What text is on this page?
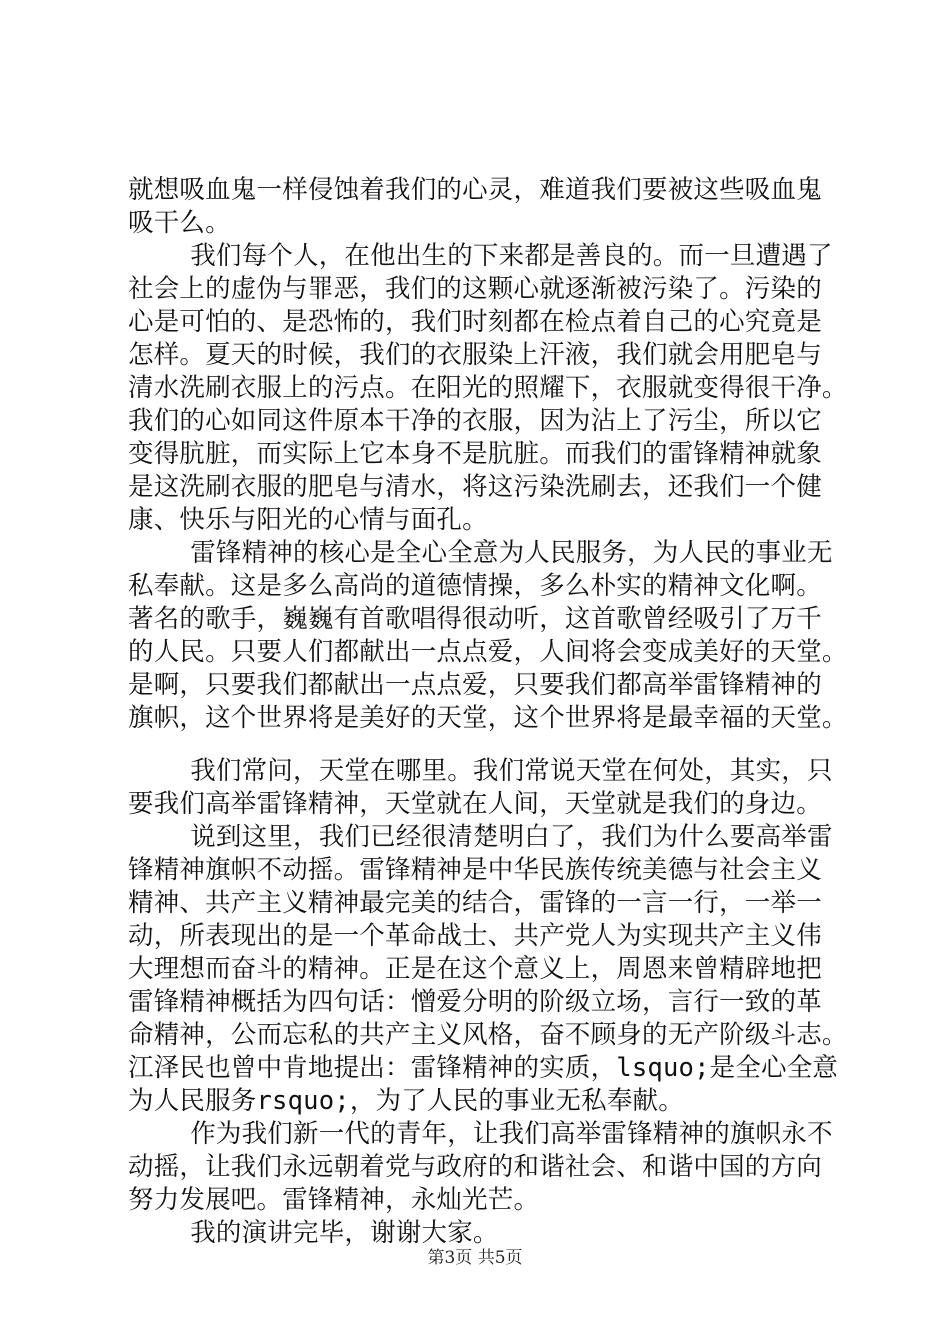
就想吸血鬼一样侵蚀着我们的心灵，难道我们要被这些吸血鬼
吸干么。
我们每个人，在他出生的下来都是善良的。而一旦遭遇了
社会上的虚伪与罪恶，我们的这颗心就逐渐被污染了。污染的
心是可怕的、是恐怖的，我们时刻都在检点着自己的心究竟是
怎样。夏天的时候，我们的衣服染上汗液，我们就会用肥皂与
清水洗刷衣服上的污点。在阳光的照耀下，衣服就变得很干净。
我们的心如同这件原本干净的衣服，因为沾上了污尘，所以它
变得肮脏，而实际上它本身不是肮脏。而我们的雷锋精神就象
是这洗刷衣服的肥皂与清水，将这污染洗刷去，还我们一个健
康、快乐与阳光的心情与面孔。
雷锋精神的核心是全心全意为人民服务，为人民的事业无
私奉献。这是多么高尚的道德情操，多么朴实的精神文化啊。
著名的歌手，巍巍有首歌唱得很动听，这首歌曾经吸引了万千
的人民。只要人们都献出一点点爱，人间将会变成美好的天堂。
是啊，只要我们都献出一点点爱，只要我们都高举雷锋精神的
旗帜，这个世界将是美好的天堂，这个世界将是最幸福的天堂。
我们常问，天堂在哪里。我们常说天堂在何处，其实，只
要我们高举雷锋精神，天堂就在人间，天堂就是我们的身边。
说到这里，我们已经很清楚明白了，我们为什么要高举雷
锋精神旗帜不动摇。雷锋精神是中华民族传统美德与社会主义
精神、共产主义精神最完美的结合，雷锋的一言一行，一举一
动，所表现出的是一个革命战士、共产党人为实现共产主义伟
大理想而奋斗的精神。正是在这个意义上，周恩来曾精辟地把
雷锋精神概括为四句话：憎爱分明的阶级立场，言行一致的革
命精神，公而忘私的共产主义风格，奋不顾身的无产阶级斗志。
江泽民也曾中肯地提出：雷锋精神的实质，lsquo;是全心全意
为人民服务rsquo;，为了人民的事业无私奉献。
作为我们新一代的青年，让我们高举雷锋精神的旗帜永不
动摇，让我们永远朝着党与政府的和谐社会、和谐中国的方向
努力发展吧。雷锋精神，永灿光芒。
我的演讲完毕，谢谢大家。
第3页 共5页
